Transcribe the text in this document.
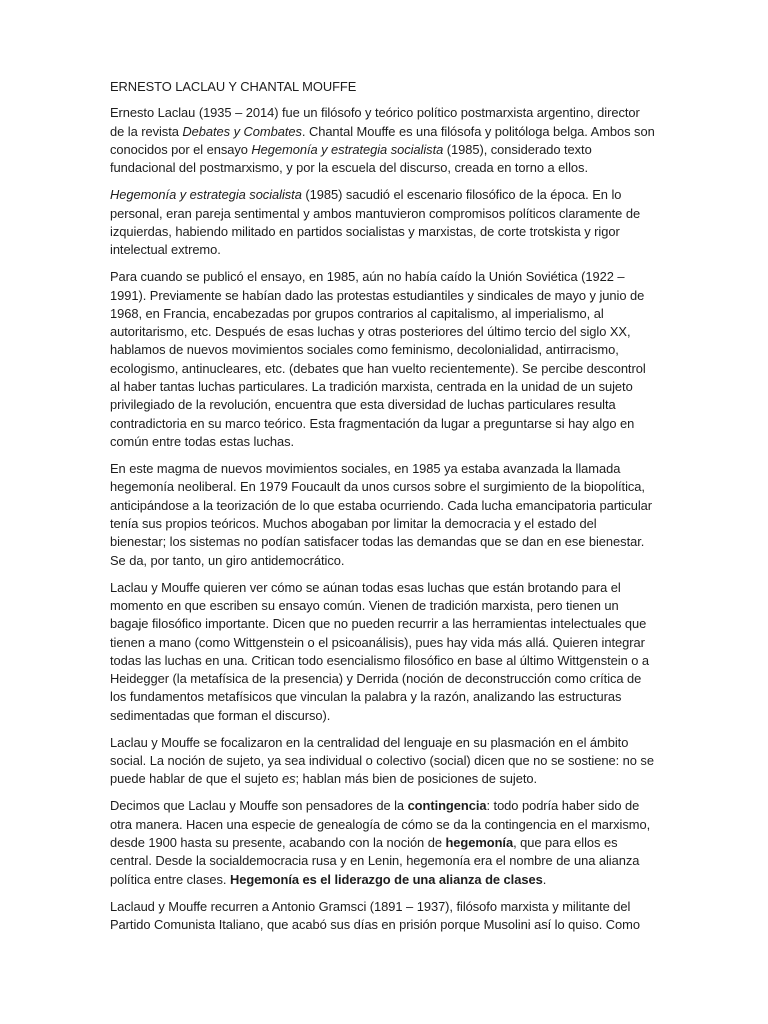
ERNESTO LACLAU Y CHANTAL MOUFFE

Ernesto Laclau (1935 – 2014) fue un filósofo y teórico político postmarxista argentino, director de la revista Debates y Combates. Chantal Mouffe es una filósofa y politóloga belga. Ambos son conocidos por el ensayo Hegemonía y estrategia socialista (1985), considerado texto fundacional del postmarxismo, y por la escuela del discurso, creada en torno a ellos.

Hegemonía y estrategia socialista (1985) sacudió el escenario filosófico de la época. En lo personal, eran pareja sentimental y ambos mantuvieron compromisos políticos claramente de izquierdas, habiendo militado en partidos socialistas y marxistas, de corte trotskista y rigor intelectual extremo.

Para cuando se publicó el ensayo, en 1985, aún no había caído la Unión Soviética (1922 – 1991). Previamente se habían dado las protestas estudiantiles y sindicales de mayo y junio de 1968, en Francia, encabezadas por grupos contrarios al capitalismo, al imperialismo, al autoritarismo, etc. Después de esas luchas y otras posteriores del último tercio del siglo XX, hablamos de nuevos movimientos sociales como feminismo, decolonialidad, antirracismo, ecologismo, antinucleares, etc. (debates que han vuelto recientemente). Se percibe descontrol al haber tantas luchas particulares. La tradición marxista, centrada en la unidad de un sujeto privilegiado de la revolución, encuentra que esta diversidad de luchas particulares resulta contradictoria en su marco teórico. Esta fragmentación da lugar a preguntarse si hay algo en común entre todas estas luchas.

En este magma de nuevos movimientos sociales, en 1985 ya estaba avanzada la llamada hegemonía neoliberal. En 1979 Foucault da unos cursos sobre el surgimiento de la biopolítica, anticipándose a la teorización de lo que estaba ocurriendo. Cada lucha emancipatoria particular tenía sus propios teóricos. Muchos abogaban por limitar la democracia y el estado del bienestar; los sistemas no podían satisfacer todas las demandas que se dan en ese bienestar. Se da, por tanto, un giro antidemocrático.

Laclau y Mouffe quieren ver cómo se aúnan todas esas luchas que están brotando para el momento en que escriben su ensayo común. Vienen de tradición marxista, pero tienen un bagaje filosófico importante. Dicen que no pueden recurrir a las herramientas intelectuales que tienen a mano (como Wittgenstein o el psicoanálisis), pues hay vida más allá. Quieren integrar todas las luchas en una. Critican todo esencialismo filosófico en base al último Wittgenstein o a Heidegger (la metafísica de la presencia) y Derrida (noción de deconstrucción como crítica de los fundamentos metafísicos que vinculan la palabra y la razón, analizando las estructuras sedimentadas que forman el discurso).

Laclau y Mouffe se focalizaron en la centralidad del lenguaje en su plasmación en el ámbito social. La noción de sujeto, ya sea individual o colectivo (social) dicen que no se sostiene: no se puede hablar de que el sujeto es; hablan más bien de posiciones de sujeto.

Decimos que Laclau y Mouffe son pensadores de la contingencia: todo podría haber sido de otra manera. Hacen una especie de genealogía de cómo se da la contingencia en el marxismo, desde 1900 hasta su presente, acabando con la noción de hegemonía, que para ellos es central. Desde la socialdemocracia rusa y en Lenin, hegemonía era el nombre de una alianza política entre clases. Hegemonía es el liderazgo de una alianza de clases.

Laclaud y Mouffe recurren a Antonio Gramsci (1891 – 1937), filósofo marxista y militante del Partido Comunista Italiano, que acabó sus días en prisión porque Musolini así lo quiso. Como
